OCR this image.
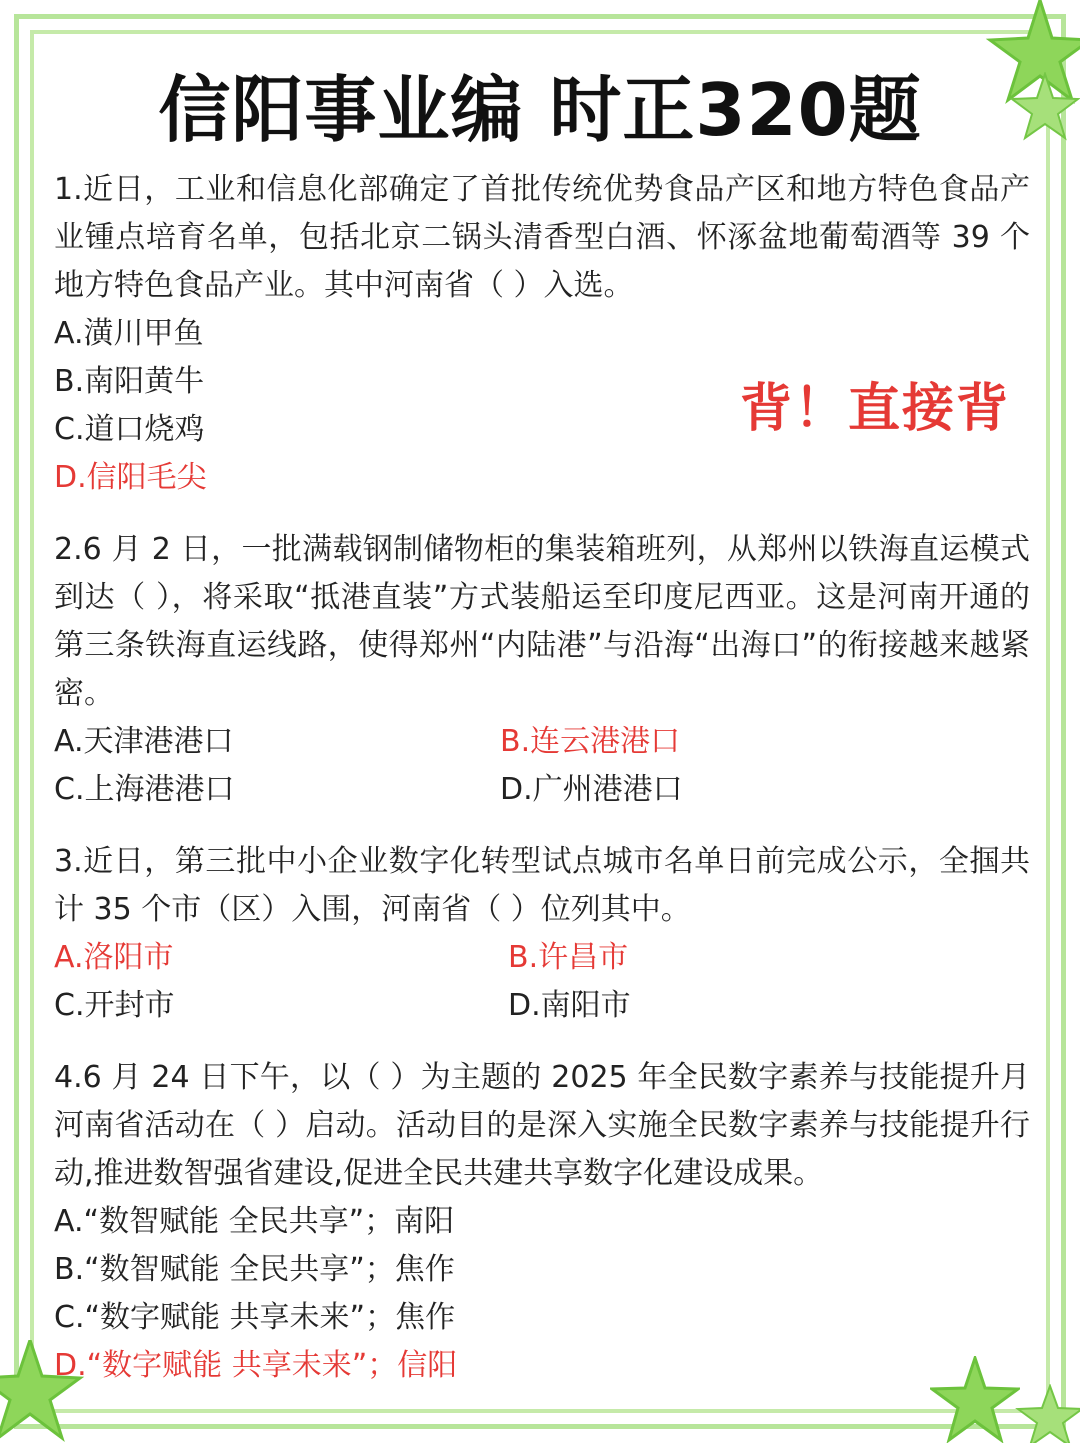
信阳事业编 时正320题
背！直接背
1.近日，工业和信息化部确定了首批传统优势食品产区和地方特色食品产业锺点培育名单，包括北京二锅头清香型白酒、怀涿盆地葡萄酒等 39 个地方特色食品产业。其中河南省（ ）入选。
A.潢川甲鱼
B.南阳黄牛
C.道口烧鸡
D.信阳毛尖
2.6 月 2 日，一批满载钢制储物柜的集装箱班列，从郑州以铁海直运模式到达（ ），将采取“抵港直装”方式装船运至印度尼西亚。这是河南开通的第三条铁海直运线路，使得郑州“内陆港”与沿海“出海口”的衔接越来越紧密。
A.天津港港口	B.连云港港口
C.上海港港口	D.广州港港口
3.近日，第三批中小企业数字化转型试点城市名单日前完成公示，全掴共计 35 个市（区）入围，河南省（ ）位列其中。
A.洛阳市	B.许昌市
C.开封市	D.南阳市
4.6 月 24 日下午，以（ ）为主题的 2025 年全民数字素养与技能提升月河南省活动在（ ）启动。活动目的是深入实施全民数字素养与技能提升行动,推进数智强省建设,促进全民共建共享数字化建设成果。
A.“数智赋能 全民共享”；南阳
B.“数智赋能 全民共享”；焦作
C.“数字赋能 共享未来”；焦作
D.“数字赋能 共享未来”；信阳
